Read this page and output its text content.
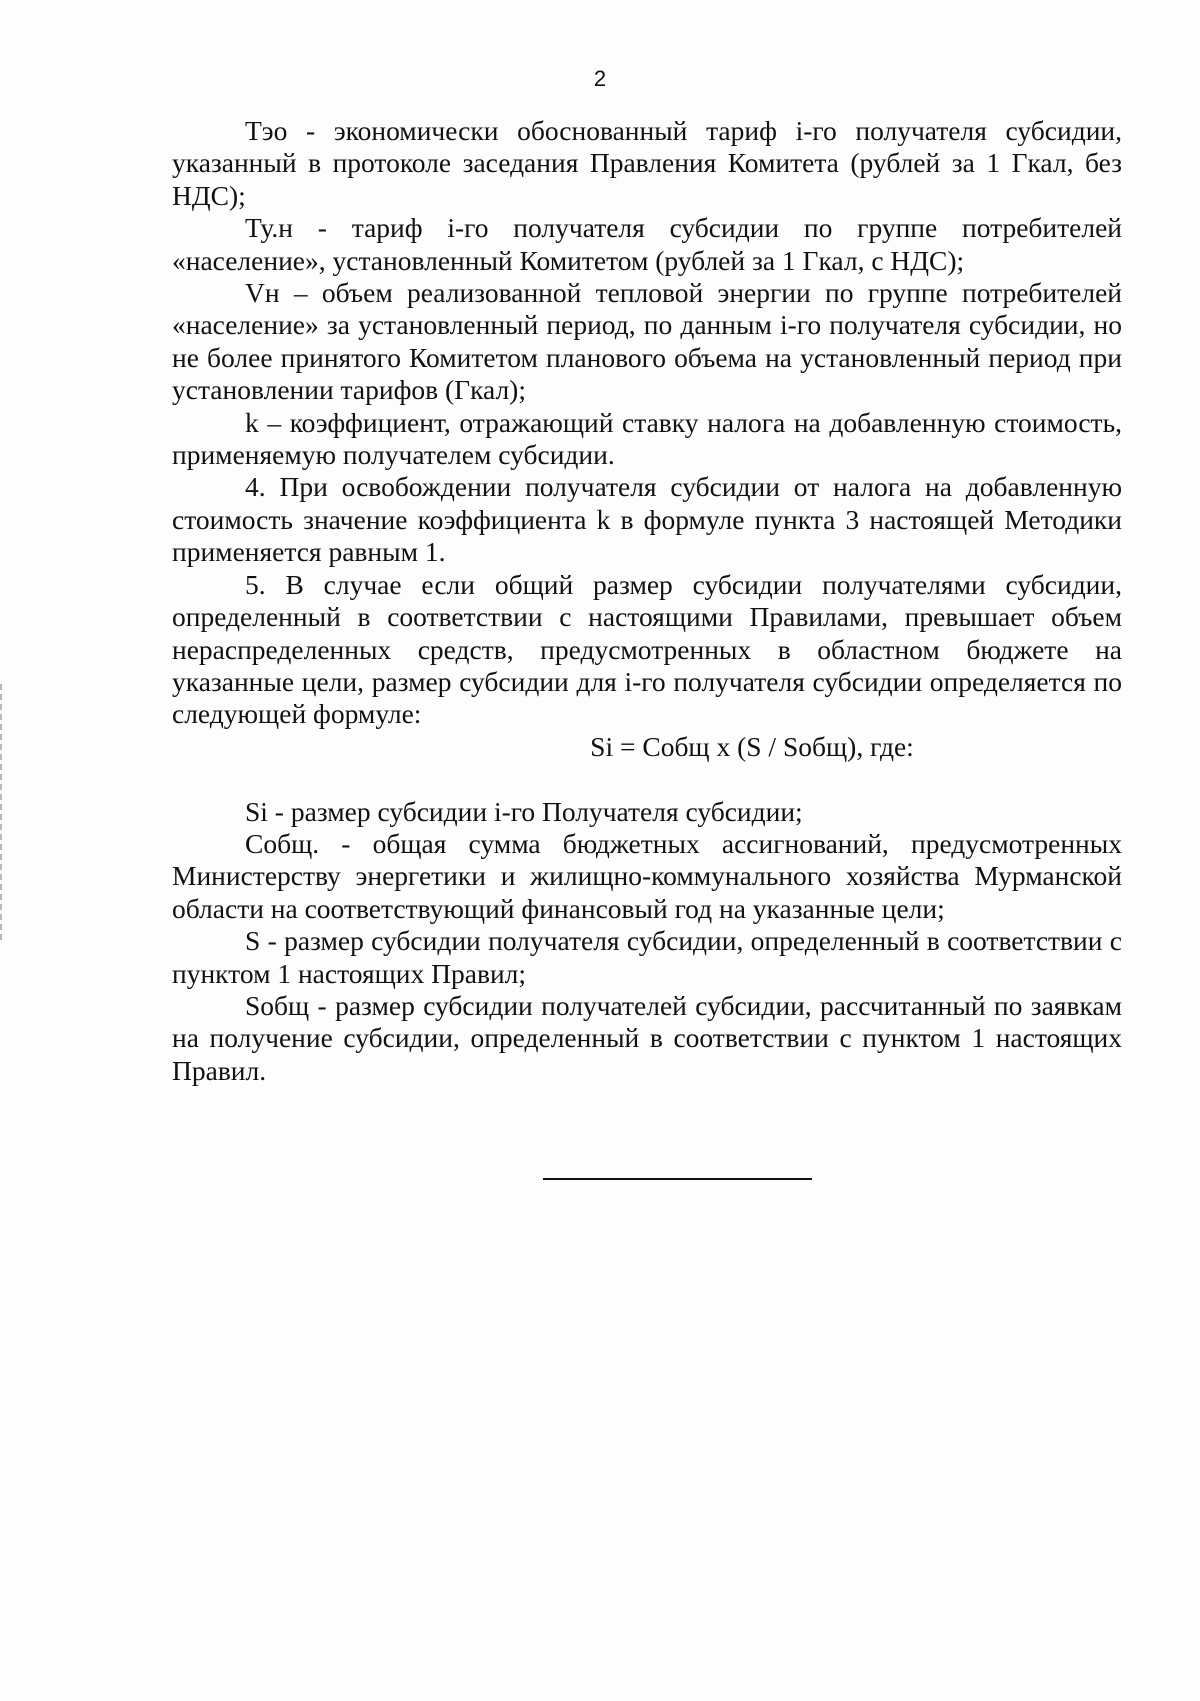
2

Тэо - экономически обоснованный тариф i-го получателя субсидии, указанный в протоколе заседания Правления Комитета (рублей за 1 Гкал, без НДС);

Ту.н - тариф i-го получателя субсидии по группе потребителей «население», установленный Комитетом (рублей за 1 Гкал, с НДС);

Vн – объем реализованной тепловой энергии по группе потребителей «население» за установленный период, по данным i-го получателя субсидии, но не более принятого Комитетом планового объема на установленный период при установлении тарифов (Гкал);

k – коэффициент, отражающий ставку налога на добавленную стоимость, применяемую получателем субсидии.

4. При освобождении получателя субсидии от налога на добавленную стоимость значение коэффициента k в формуле пункта 3 настоящей Методики применяется равным 1.

5. В случае если общий размер субсидии получателями субсидии, определенный в соответствии с настоящими Правилами, превышает объем нераспределенных средств, предусмотренных в областном бюджете на указанные цели, размер субсидии для i-го получателя субсидии определяется по следующей формуле:

Si = Cобщ x (S / Sобщ), где:

Si - размер субсидии i-го Получателя субсидии;

Cобщ. - общая сумма бюджетных ассигнований, предусмотренных Министерству энергетики и жилищно-коммунального хозяйства Мурманской области на соответствующий финансовый год на указанные цели;

S - размер субсидии получателя субсидии, определенный в соответствии с пунктом 1 настоящих Правил;

Sобщ - размер субсидии получателей субсидии, рассчитанный по заявкам на получение субсидии, определенный в соответствии с пунктом 1 настоящих Правил.
